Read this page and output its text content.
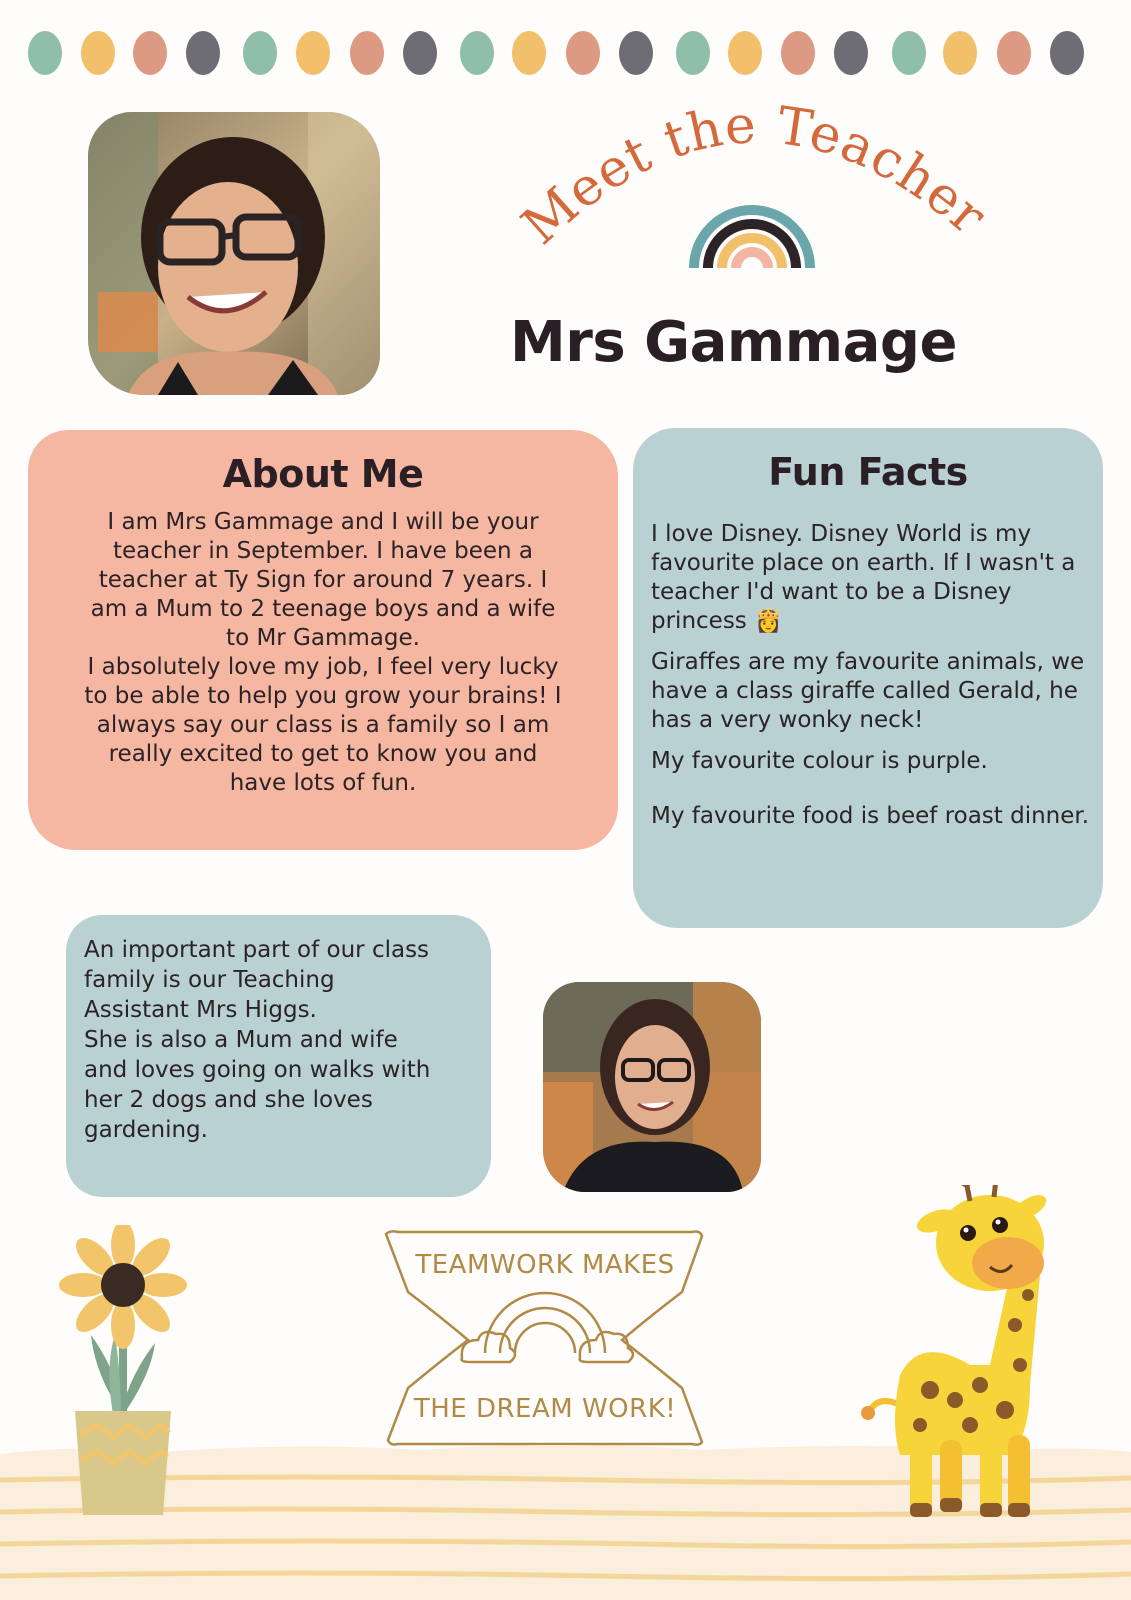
Meet the Teacher
Mrs Gammage
About Me
I am Mrs Gammage and I will be your
teacher in September. I have been a
teacher at Ty Sign for around 7 years. I
am a Mum to 2 teenage boys and a wife
to Mr Gammage.
I absolutely love my job, I feel very lucky
to be able to help you grow your brains! I
always say our class is a family so I am
really excited to get to know you and
have lots of fun.
Fun Facts

I love Disney. Disney World is my favourite place on earth. If I wasn't a teacher I'd want to be a Disney princess 👸

Giraffes are my favourite animals, we have a class giraffe called Gerald, he has a very wonky neck!

My favourite colour is purple.

My favourite food is beef roast dinner.

An important part of our class
family is our Teaching
Assistant Mrs Higgs.
She is also a Mum and wife
and loves going on walks with
her 2 dogs and she loves
gardening.
TEAMWORK MAKES
THE DREAM WORK!
